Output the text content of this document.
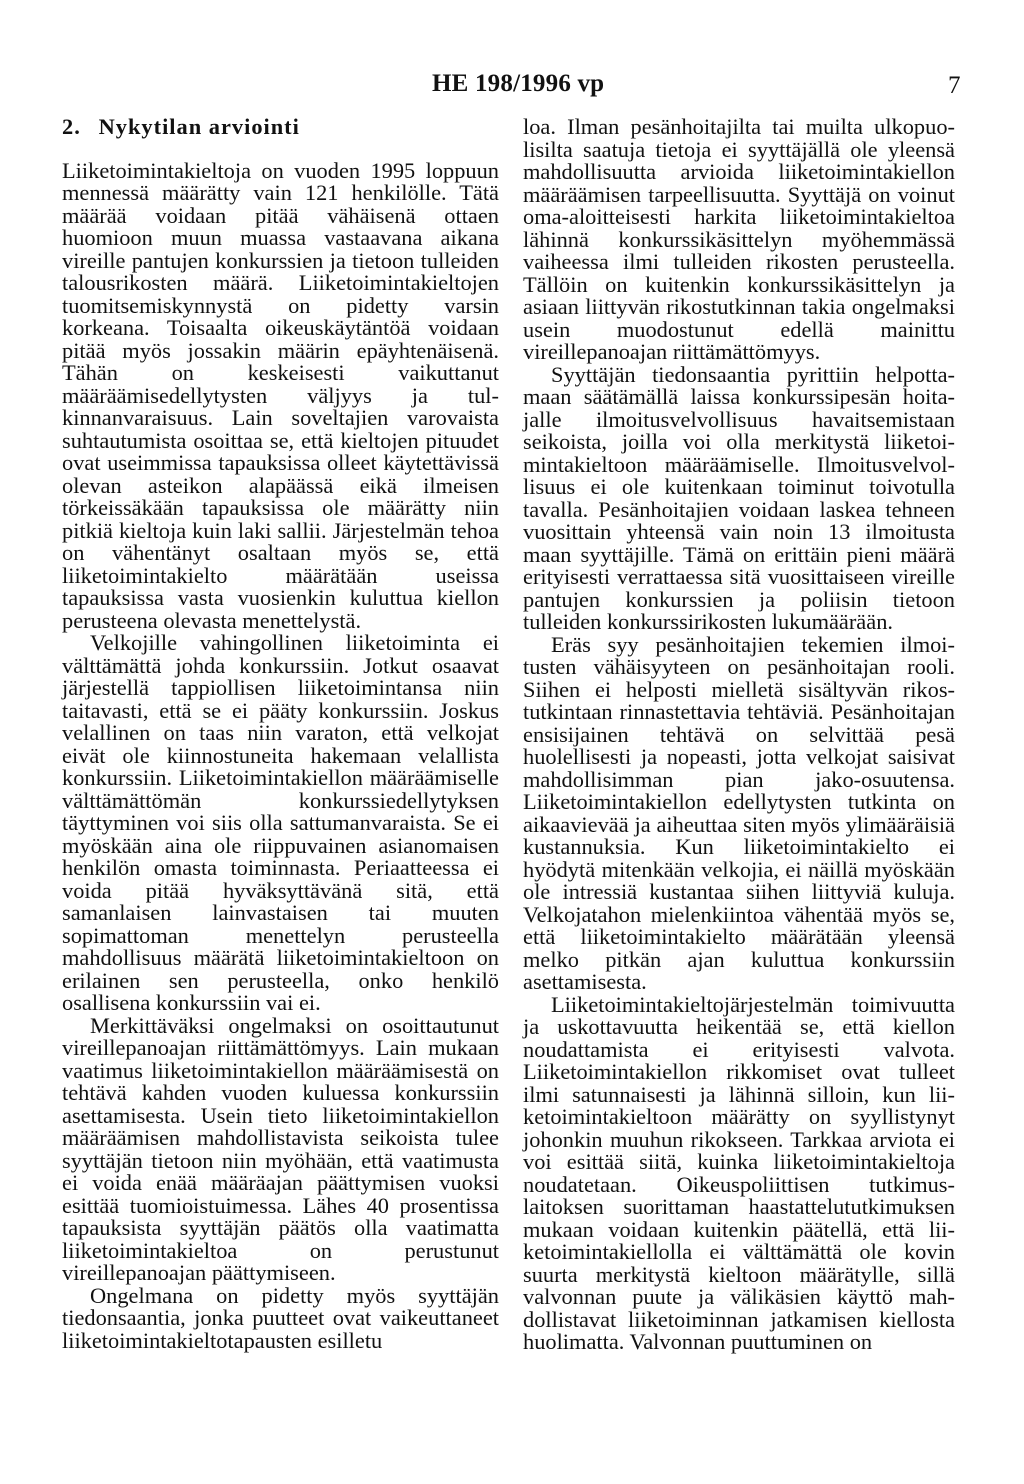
HE 198/1996 vp	7
2. Nykytilan arviointi

Liiketoimintakieltoja on vuoden 1995 loppuun mennessä määrätty vain 121 henkilölle. Tätä määrää voidaan pitää vähäisenä ottaen huomioon muun muassa vastaavana aikana vireille pantujen konkurssien ja tietoon tulleiden talousrikosten määrä. Liiketoimintakieltojen tuomitsemiskynnystä on pidetty varsin korkeana. Toisaalta oikeuskäytäntöä voidaan pitää myös jossakin määrin epäyhtenäisenä. Tähän on keskeisesti vaikuttanut määräämisedellytysten väljyys ja tulkinnanvaraisuus. Lain soveltajien varovaista suhtautumista osoittaa se, että kieltojen pituudet ovat useimmissa tapauksissa olleet käytettävissä olevan asteikon alapäässä eikä ilmeisen törkeissäkään tapauksissa ole määrätty niin pitkiä kieltoja kuin laki sallii. Järjestelmän tehoa on vähentänyt osaltaan myös se, että liiketoimintakielto määrätään useissa tapauksissa vasta vuosienkin kuluttua kiellon perusteena olevasta menettelystä.

Velkojille vahingollinen liiketoiminta ei välttämättä johda konkurssiin. Jotkut osaavat järjestellä tappiollisen liiketoimintansa niin taitavasti, että se ei pääty konkurssiin. Joskus velallinen on taas niin varaton, että velkojat eivät ole kiinnostuneita hakemaan velallista konkurssiin. Liiketoimintakiellon määräämiselle välttämättömän konkurssiedellytyksen täyttyminen voi siis olla sattumanvaraista. Se ei myöskään aina ole riippuvainen asianomaisen henkilön omasta toiminnasta. Periaatteessa ei voida pitää hyväksyttävänä sitä, että samanlaisen lainvastaisen tai muuten sopimattoman menettelyn perusteella mahdollisuus määrätä liiketoimintakieltoon on erilainen sen perusteella, onko henkilö osallisena konkurssiin vai ei.

Merkittäväksi ongelmaksi on osoittautunut vireillepanoajan riittämättömyys. Lain mukaan vaatimus liiketoimintakiellon määräämisestä on tehtävä kahden vuoden kuluessa konkurssiin asettamisesta. Usein tieto liiketoimintakiellon määräämisen mahdollistavista seikoista tulee syyttäjän tietoon niin myöhään, että vaatimusta ei voida enää määräajan päättymisen vuoksi esittää tuomioistuimessa. Lähes 40 prosentissa tapauksista syyttäjän päätös olla vaatimatta liiketoimintakieltoa on perustunut vireillepanoajan päättymiseen.

Ongelmana on pidetty myös syyttäjän tiedonsaantia, jonka puutteet ovat vaikeuttaneet liiketoimintakieltotapausten esilletu

loa. Ilman pesänhoitajilta tai muilta ulkopuolisilta saatuja tietoja ei syyttäjällä ole yleensä mahdollisuutta arvioida liiketoimintakiellon määräämisen tarpeellisuutta. Syyttäjä on voinut oma-aloitteisesti harkita liiketoimintakieltoa lähinnä konkurssikäsittelyn myöhemmässä vaiheessa ilmi tulleiden rikosten perusteella. Tällöin on kuitenkin konkurssikäsittelyn ja asiaan liittyvän rikostutkinnan takia ongelmaksi usein muodostunut edellä mainittu vireillepanoajan riittämättömyys.

Syyttäjän tiedonsaantia pyrittiin helpottamaan säätämällä laissa konkurssipesän hoitajalle ilmoitusvelvollisuus havaitsemistaan seikoista, joilla voi olla merkitystä liiketoimintakieltoon määräämiselle. Ilmoitusvelvollisuus ei ole kuitenkaan toiminut toivotulla tavalla. Pesänhoitajien voidaan laskea tehneen vuosittain yhteensä vain noin 13 ilmoitusta maan syyttäjille. Tämä on erittäin pieni määrä erityisesti verrattaessa sitä vuosittaiseen vireille pantujen konkurssien ja poliisin tietoon tulleiden konkurssirikosten lukumäärään.

Eräs syy pesänhoitajien tekemien ilmoitusten vähäisyyteen on pesänhoitajan rooli. Siihen ei helposti mielletä sisältyvän rikostutkintaan rinnastettavia tehtäviä. Pesänhoitajan ensisijainen tehtävä on selvittää pesä huolellisesti ja nopeasti, jotta velkojat saisivat mahdollisimman pian jako-osuutensa. Liiketoimintakiellon edellytysten tutkinta on aikaavievää ja aiheuttaa siten myös ylimääräisiä kustannuksia. Kun liiketoimintakielto ei hyödytä mitenkään velkojia, ei näillä myöskään ole intressiä kustantaa siihen liittyviä kuluja. Velkojatahon mielenkiintoa vähentää myös se, että liiketoimintakielto määrätään yleensä melko pitkän ajan kuluttua konkurssiin asettamisesta.

Liiketoimintakieltojärjestelmän toimivuutta ja uskottavuutta heikentää se, että kiellon noudattamista ei erityisesti valvota. Liiketoimintakiellon rikkomiset ovat tulleet ilmi satunnaisesti ja lähinnä silloin, kun liiketoimintakieltoon määrätty on syyllistynyt johonkin muuhun rikokseen. Tarkkaa arviota ei voi esittää siitä, kuinka liiketoimintakieltoja noudatetaan. Oikeuspoliittisen tutkimuslaitoksen suorittaman haastattelututkimuksen mukaan voidaan kuitenkin päätellä, että liiketoimintakiellolla ei välttämättä ole kovin suurta merkitystä kieltoon määrätylle, sillä valvonnan puute ja välikäsien käyttö mahdollistavat liiketoiminnan jatkamisen kiellosta huolimatta. Valvonnan puuttuminen on
